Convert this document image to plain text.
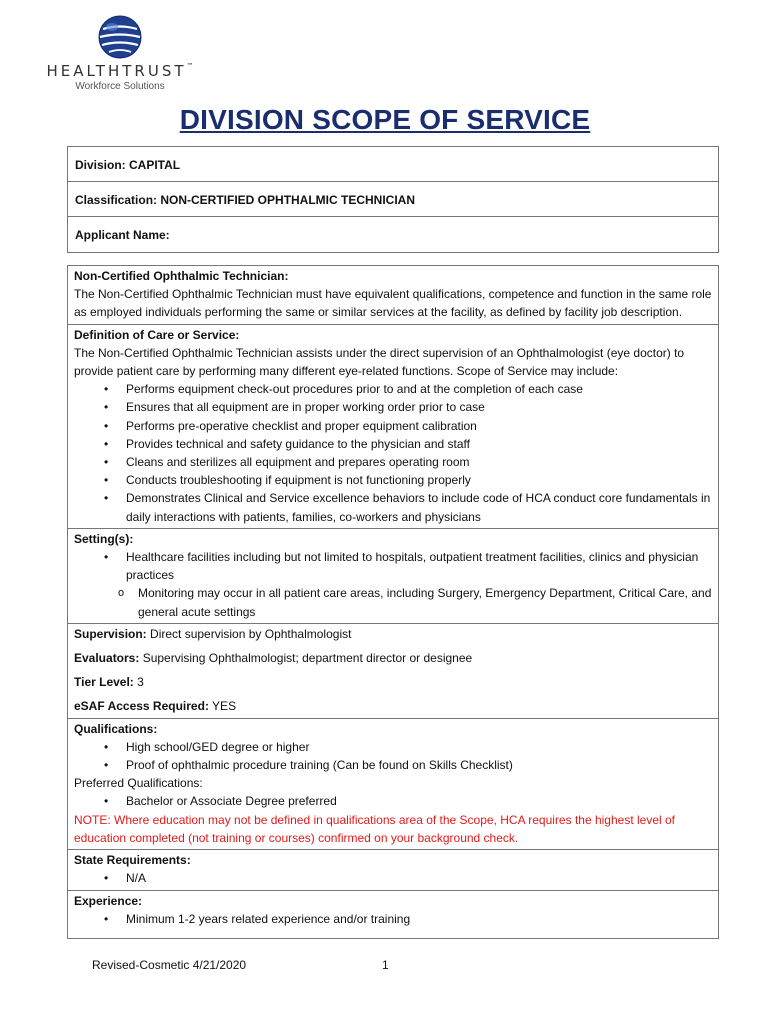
HEALTHTRUST™
Workforce Solutions
DIVISION SCOPE OF SERVICE
Division: CAPITAL
Classification: NON-CERTIFIED OPHTHALMIC TECHNICIAN
Applicant Name:
Non-Certified Ophthalmic Technician:
The Non-Certified Ophthalmic Technician must have equivalent qualifications, competence and function in the same role as employed individuals performing the same or similar services at the facility, as defined by facility job description.
Definition of Care or Service:
The Non-Certified Ophthalmic Technician assists under the direct supervision of an Ophthalmologist (eye doctor) to provide patient care by performing many different eye-related functions. Scope of Service may include:
• Performs equipment check-out procedures prior to and at the completion of each case
• Ensures that all equipment are in proper working order prior to case
• Performs pre-operative checklist and proper equipment calibration
• Provides technical and safety guidance to the physician and staff
• Cleans and sterilizes all equipment and prepares operating room
• Conducts troubleshooting if equipment is not functioning properly
• Demonstrates Clinical and Service excellence behaviors to include code of HCA conduct core fundamentals in daily interactions with patients, families, co-workers and physicians
Setting(s):
• Healthcare facilities including but not limited to hospitals, outpatient treatment facilities, clinics and physician practices
o Monitoring may occur in all patient care areas, including Surgery, Emergency Department, Critical Care, and general acute settings
Supervision: Direct supervision by Ophthalmologist
Evaluators: Supervising Ophthalmologist; department director or designee
Tier Level: 3
eSAF Access Required: YES
Qualifications:
• High school/GED degree or higher
• Proof of ophthalmic procedure training (Can be found on Skills Checklist)
Preferred Qualifications:
• Bachelor or Associate Degree preferred
NOTE: Where education may not be defined in qualifications area of the Scope, HCA requires the highest level of education completed (not training or courses) confirmed on your background check.
State Requirements:
• N/A
Experience:
• Minimum 1-2 years related experience and/or training
Revised-Cosmetic 4/21/2020	1
